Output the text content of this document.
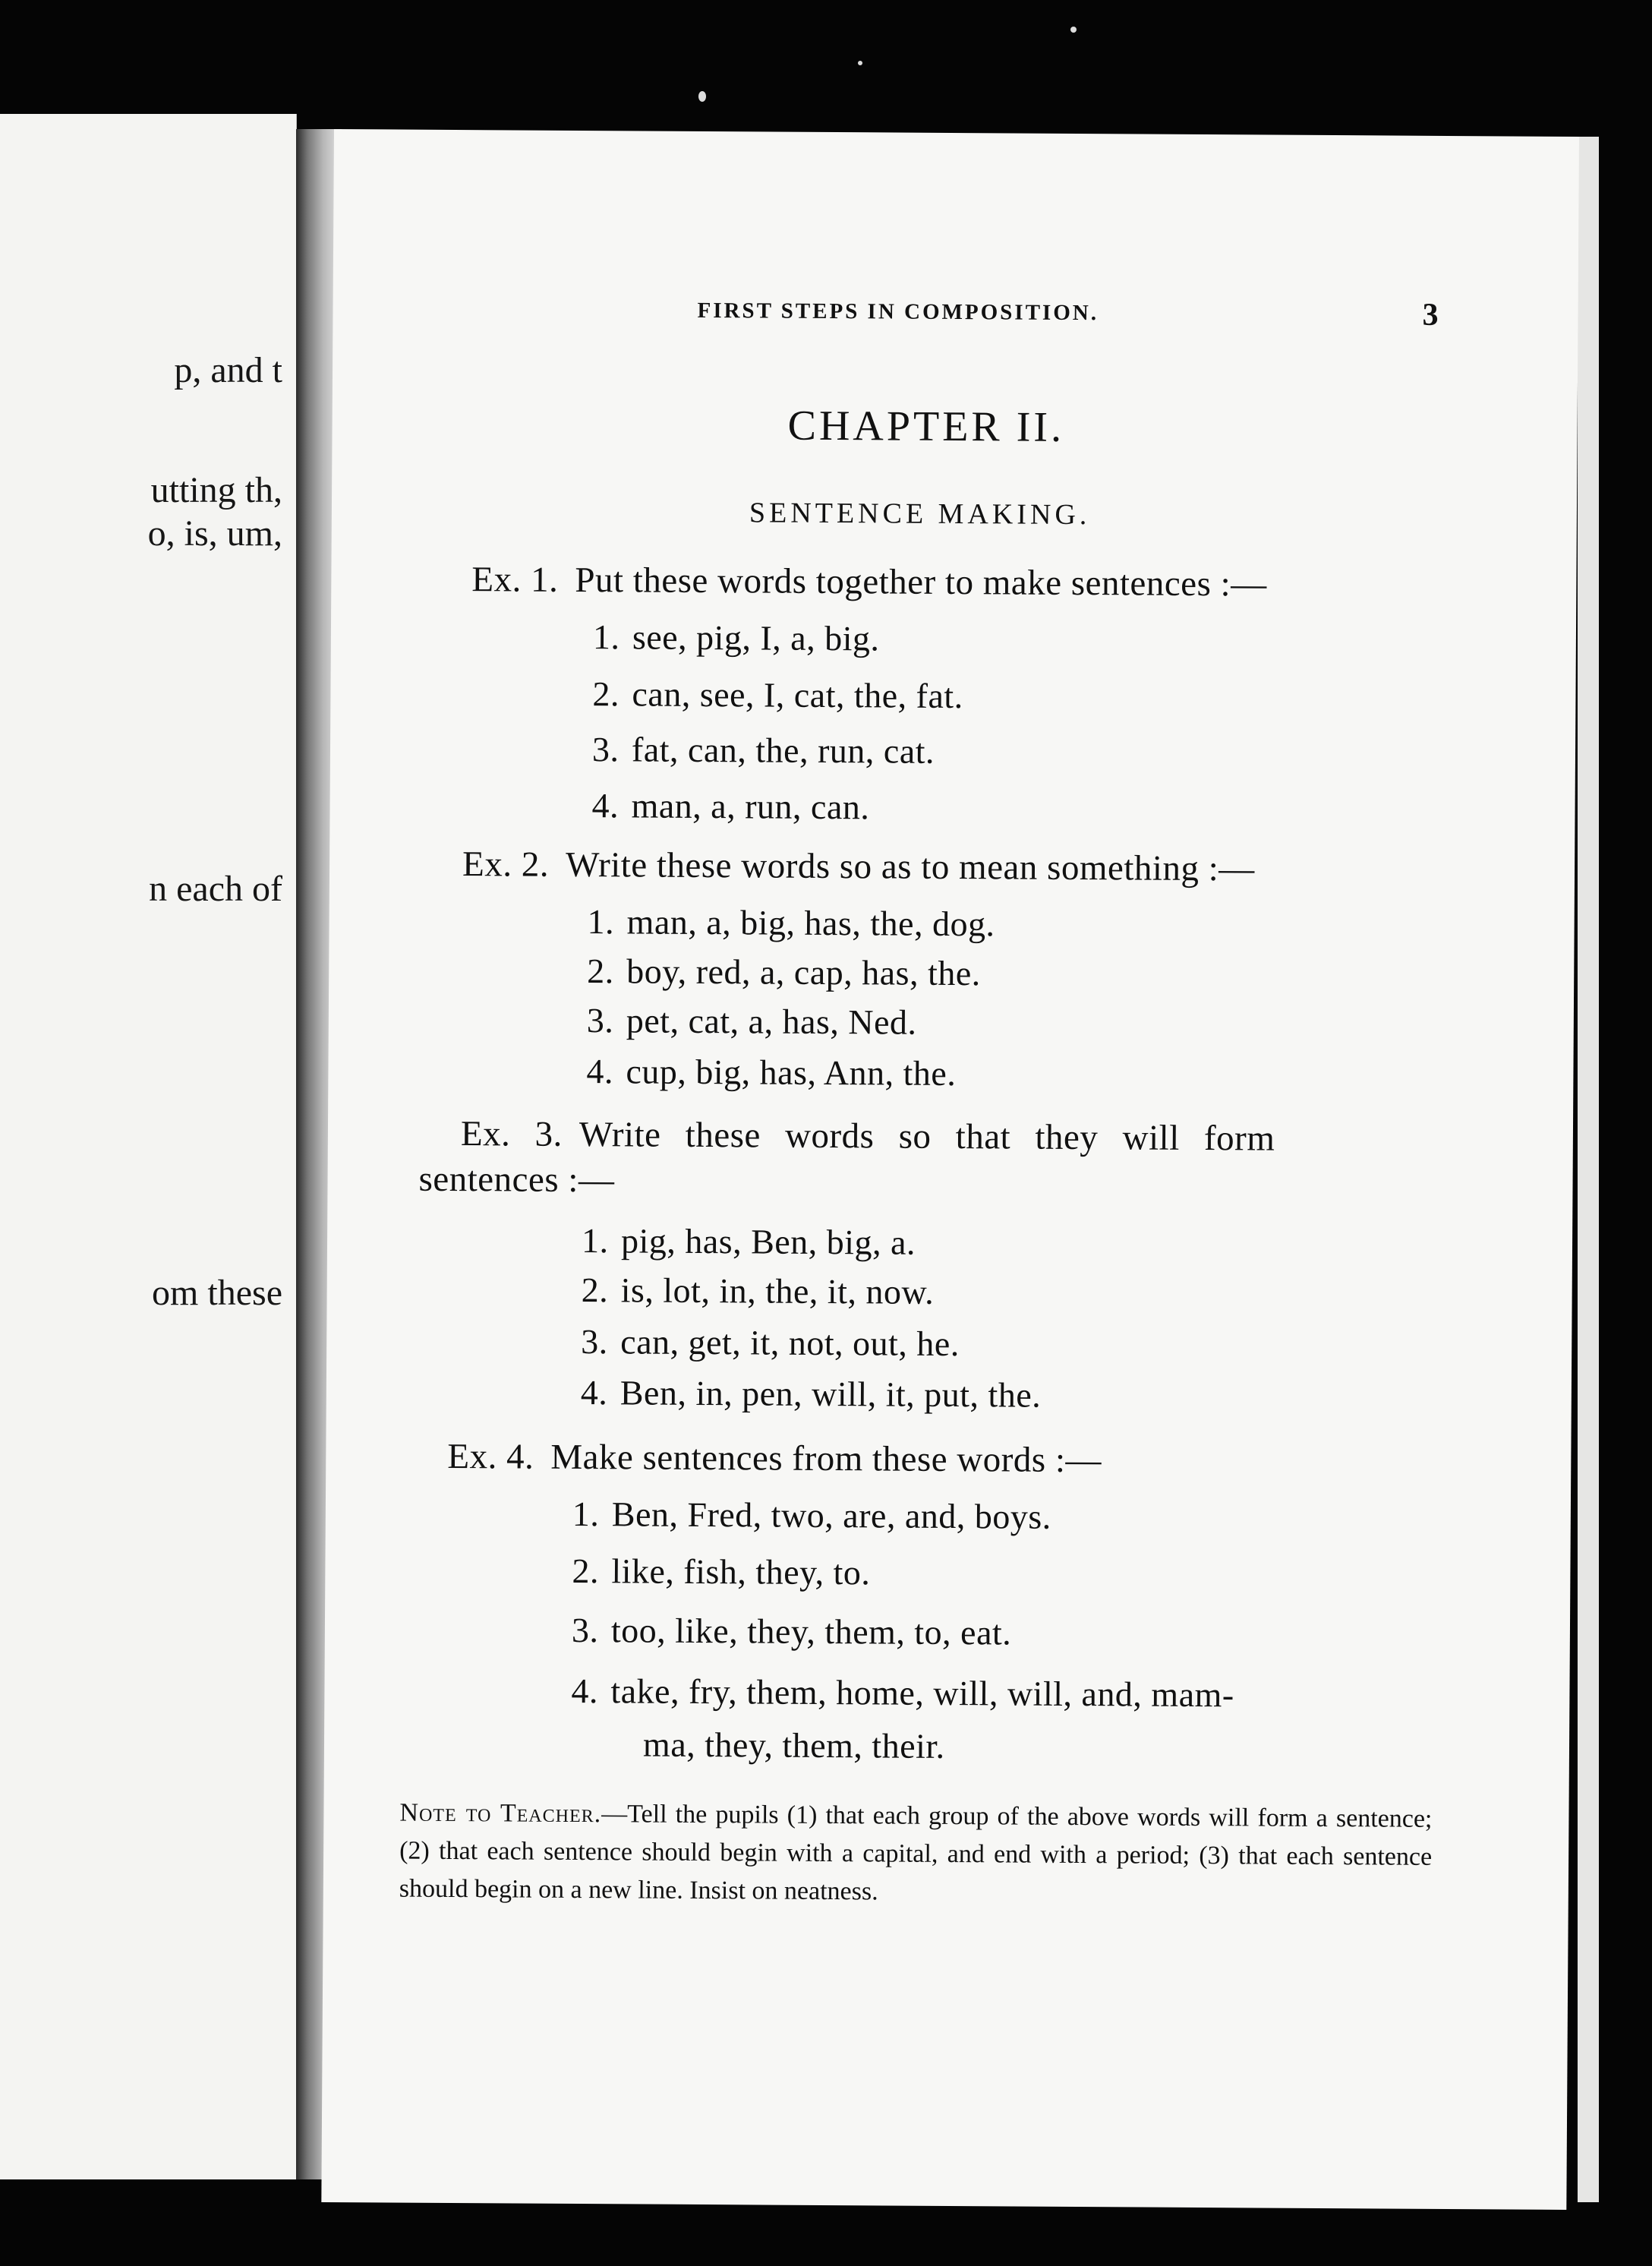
p, and t
utting th,
o, is, um,
n each of
om these
FIRST STEPS IN COMPOSITION.	3
CHAPTER II.
SENTENCE MAKING.
Ex. 1. Put these words together to make sentences :—
1. see, pig, I, a, big.
2. can, see, I, cat, the, fat.
3. fat, can, the, run, cat.
4. man, a, run, can.
Ex. 2. Write these words so as to mean something :—
1. man, a, big, has, the, dog.
2. boy, red, a, cap, has, the.
3. pet, cat, a, has, Ned.
4. cup, big, has, Ann, the.
Ex. 3. Write these words so that they will form
sentences :—
1. pig, has, Ben, big, a.
2. is, lot, in, the, it, now.
3. can, get, it, not, out, he.
4. Ben, in, pen, will, it, put, the.
Ex. 4. Make sentences from these words :—
1. Ben, Fred, two, are, and, boys.
2. like, fish, they, to.
3. too, like, they, them, to, eat.
4. take, fry, them, home, will, will, and, mam-
ma, they, them, their.
Note to Teacher.—Tell the pupils (1) that each group of the above words will form a sentence; (2) that each sentence should begin with a capital, and end with a period; (3) that each sentence should begin on a new line. Insist on neatness.
